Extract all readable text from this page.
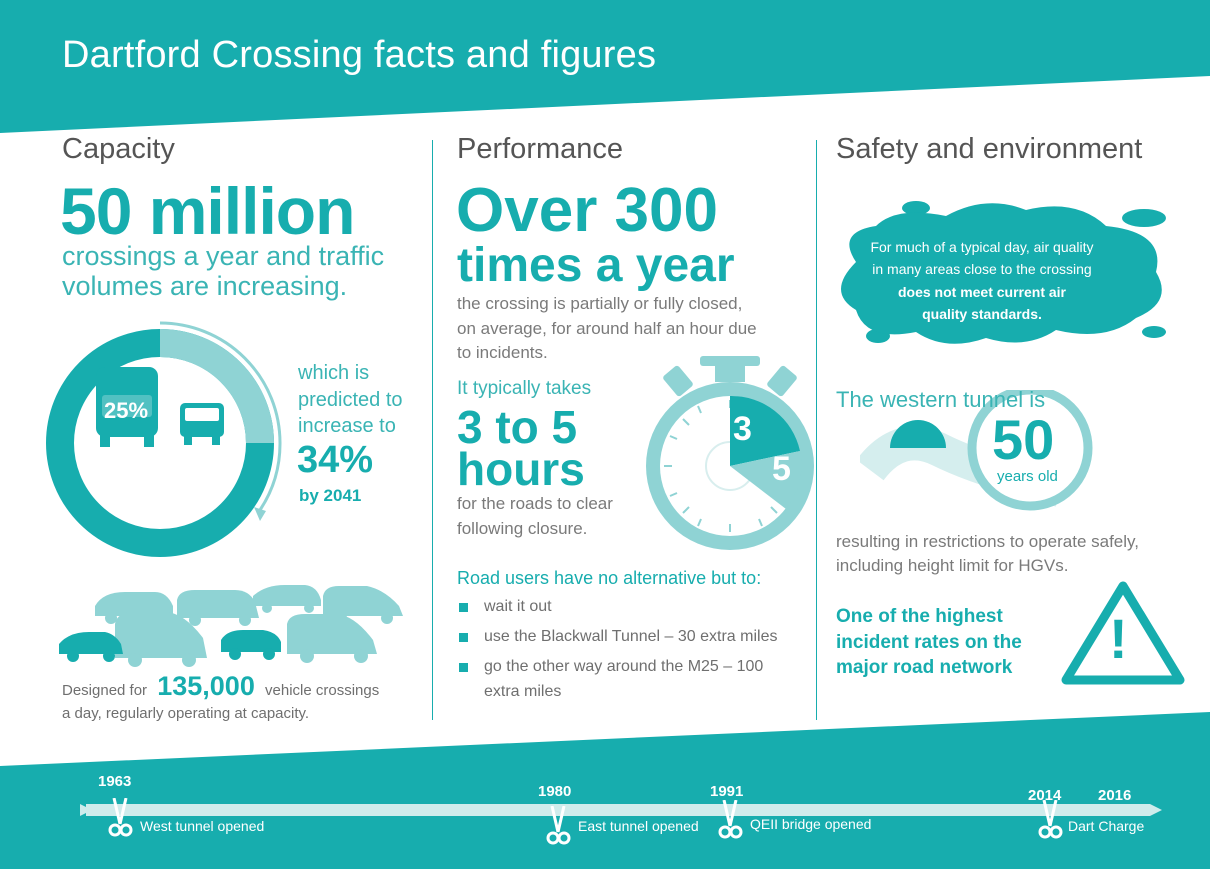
Dartford Crossing facts and figures
Capacity
50 million
crossings a year and traffic
volumes are increasing.
25%
of customer journeys
are heavy and light
goods vehicles
which is
predicted to
increase to
34%
by 2041
Designed for 135,000 vehicle crossings
a day, regularly operating at capacity.
Performance
Over 300
times a year
the crossing is partially or fully closed,
on average, for around half an hour due
to incidents.
It typically takes
3 to 5
hours
for the roads to clear
following closure.
3
5
Road users have no alternative but to:
wait it out
use the Blackwall Tunnel – 30 extra miles
go the other way around the M25 – 100
extra miles
Safety and environment
For much of a typical day, air quality
in many areas close to the crossing
does not meet current air
quality standards.
The western tunnel is
50
years old
resulting in restrictions to operate safely,
including height limit for HGVs.
One of the highest
incident rates on the
major road network !
1963
1980	1991	2014 2016
West tunnel opened	East tunnel opened	QEII bridge opened	Dart Charge
